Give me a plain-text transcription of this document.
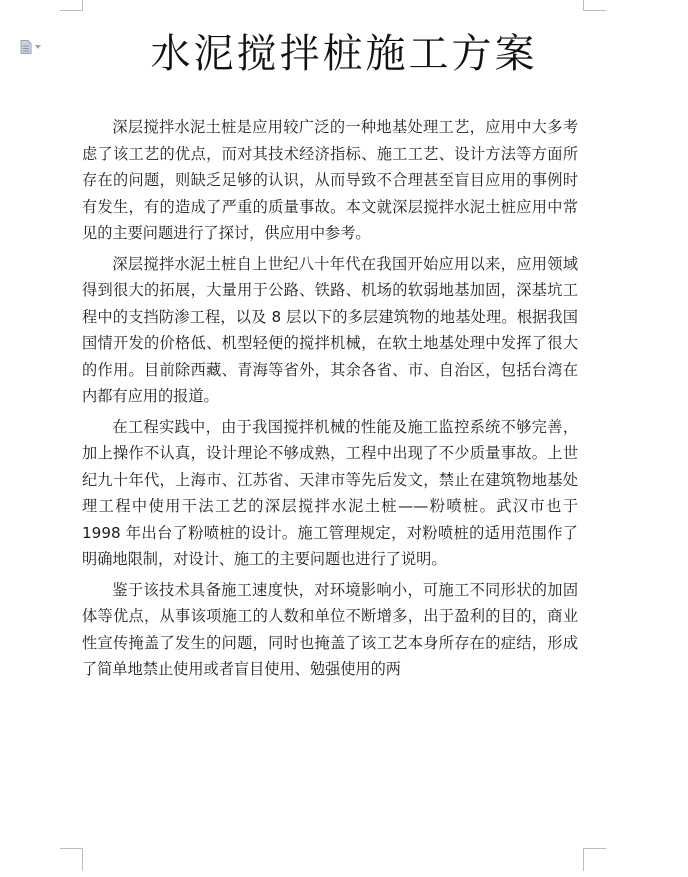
水泥搅拌桩施工方案

深层搅拌水泥土桩是应用较广泛的一种地基处理工艺，应用中大多考虑了该工艺的优点，而对其技术经济指标、施工工艺、设计方法等方面所存在的问题，则缺乏足够的认识，从而导致不合理甚至盲目应用的事例时有发生，有的造成了严重的质量事故。本文就深层搅拌水泥土桩应用中常见的主要问题进行了探讨，供应用中参考。

深层搅拌水泥土桩自上世纪八十年代在我国开始应用以来，应用领域得到很大的拓展，大量用于公路、铁路、机场的软弱地基加固，深基坑工程中的支挡防渗工程，以及 8 层以下的多层建筑物的地基处理。根据我国国情开发的价格低、机型轻便的搅拌机械，在软土地基处理中发挥了很大的作用。目前除西藏、青海等省外，其余各省、市、自治区，包括台湾在内都有应用的报道。

在工程实践中，由于我国搅拌机械的性能及施工监控系统不够完善，加上操作不认真，设计理论不够成熟，工程中出现了不少质量事故。上世纪九十年代，上海市、江苏省、天津市等先后发文，禁止在建筑物地基处理工程中使用干法工艺的深层搅拌水泥土桩——粉喷桩。武汉市也于 1998 年出台了粉喷桩的设计。施工管理规定，对粉喷桩的适用范围作了明确地限制，对设计、施工的主要问题也进行了说明。

鉴于该技术具备施工速度快，对环境影响小，可施工不同形状的加固体等优点，从事该项施工的人数和单位不断增多，出于盈利的目的，商业性宣传掩盖了发生的问题，同时也掩盖了该工艺本身所存在的症结，形成了简单地禁止使用或者盲目使用、勉强使用的两
